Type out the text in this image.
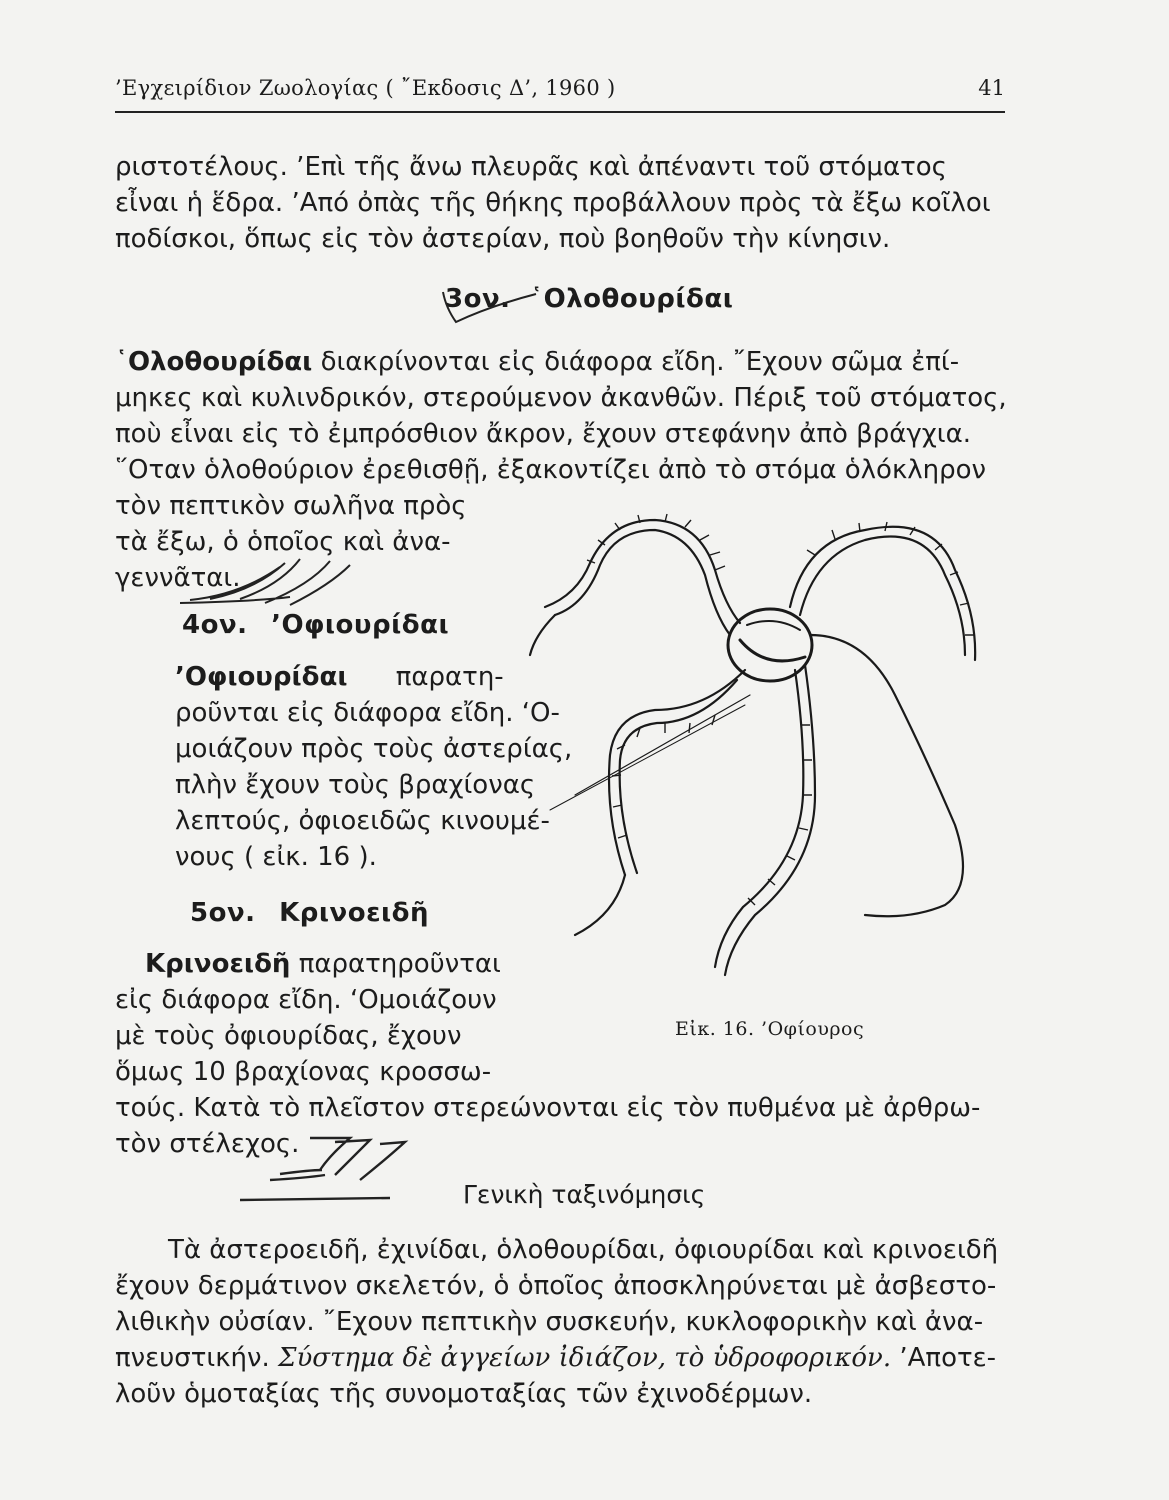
’Εγχειρίδιον Ζωολογίας ( ῎Εκδοσις Δ’, 1960 )	41
ριστοτέλους. ’Επὶ τῆς ἄνω πλευρᾶς καὶ ἀπέναντι τοῦ στόματος
εἶναι ἡ ἕδρα. ’Από ὀπὰς τῆς θήκης προβάλλουν πρὸς τὰ ἔξω κοῖλοι
ποδίσκοι, ὅπως εἰς τὸν ἀστερίαν, ποὺ βοηθοῦν τὴν κίνησιν.
3ον. ῾Ολοθουρίδαι
῾Ολοθουρίδαι διακρίνονται εἰς διάφορα εἴδη. ῎Εχουν σῶμα ἐπί-
μηκες καὶ κυλινδρικόν, στερούμενον ἀκανθῶν. Πέριξ τοῦ στόματος,
ποὺ εἶναι εἰς τὸ ἐμπρόσθιον ἄκρον, ἔχουν στεφάνην ἀπὸ βράγχια.
῞Οταν ὁλοθούριον ἐρεθισθῇ, ἐξακοντίζει ἀπὸ τὸ στόμα ὁλόκληρον
τὸν πεπτικὸν σωλῆνα πρὸς
τὰ ἔξω, ὁ ὁποῖος καὶ ἀνα-
γεννᾶται.
4ον. ’Οφιουρίδαι
’Οφιουρίδαι παρατη-
ροῦνται εἰς διάφορα εἴδη. ‘Ο-
μοιάζουν πρὸς τοὺς ἀστερίας,
πλὴν ἔχουν τοὺς βραχίονας
λεπτούς, ὀφιοειδῶς κινουμέ-
νους ( εἰκ. 16 ).
5ον. Κρινοειδῆ
Κρινοειδῆ παρατηροῦνται
εἰς διάφορα εἴδη. ‘Ομοιάζουν
μὲ τοὺς ὀφιουρίδας, ἔχουν
ὅμως 10 βραχίονας κροσσω-
τούς. Κατὰ τὸ πλεῖστον στερεώνονται εἰς τὸν πυθμένα μὲ ἀρθρω-
τὸν στέλεχος.
Εἰκ. 16. ’Οφίουρος
Γενικὴ ταξινόμησις
Τὰ ἀστεροειδῆ, ἐχινίδαι, ὁλοθουρίδαι, ὀφιουρίδαι καὶ κρινοειδῆ
ἔχουν δερμάτινον σκελετόν, ὁ ὁποῖος ἀποσκληρύνεται μὲ ἀσβεστο-
λιθικὴν οὐσίαν. ῎Εχουν πεπτικὴν συσκευήν, κυκλοφορικὴν καὶ ἀνα-
πνευστικήν. Σύστημα δὲ ἀγγείων ἰδιάζον, τὸ ὑδροφορικόν. ’Αποτε-
λοῦν ὁμοταξίας τῆς συνομοταξίας τῶν ἐχινοδέρμων.
